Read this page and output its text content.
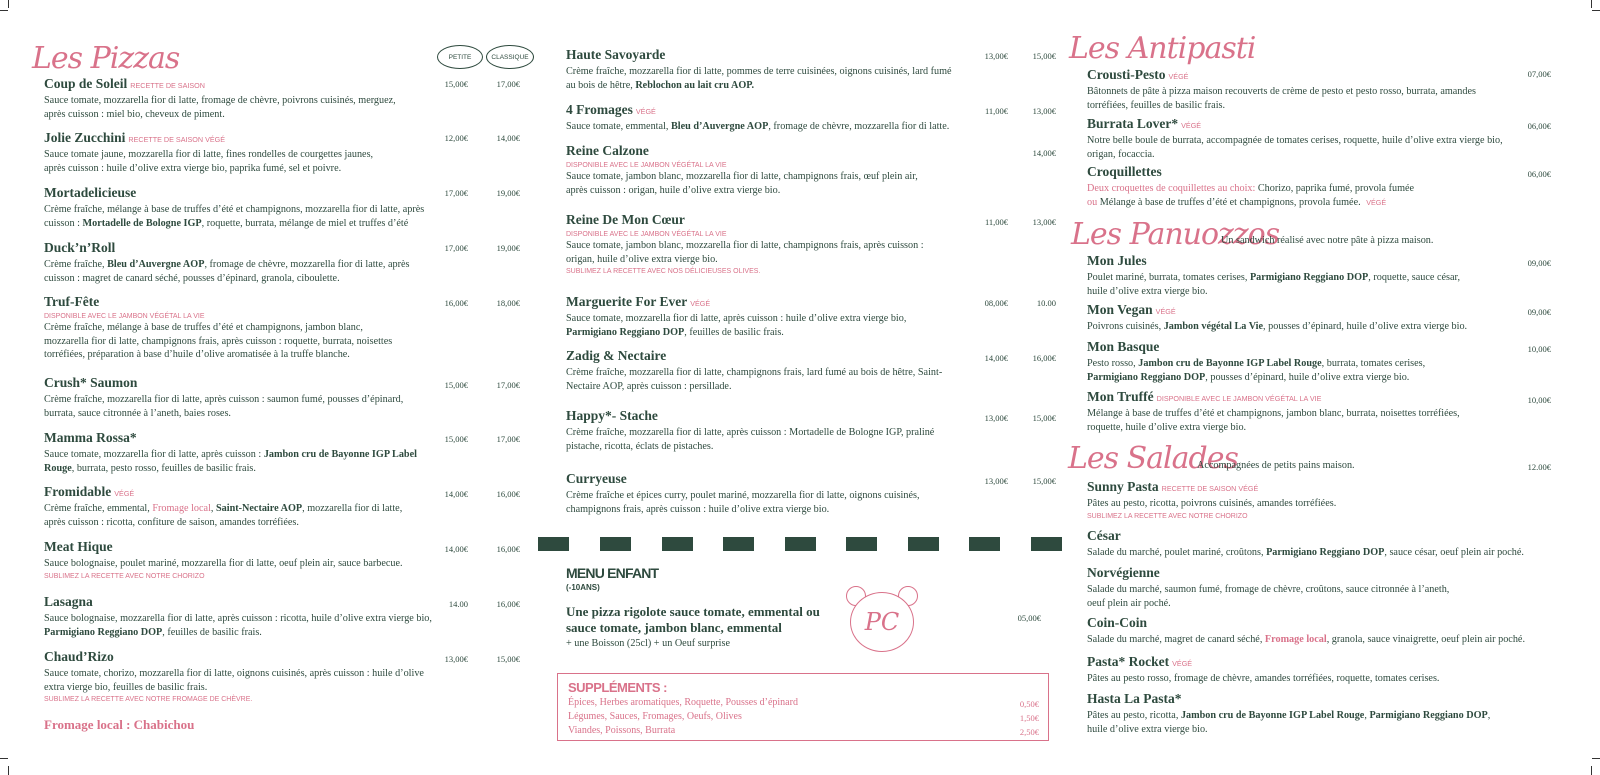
Les Pizzas	PETITE	CLASSIQUE
Coup de Soleil RECETTE DE SAISON
Sauce tomate, mozzarella fior di latte, fromage de chèvre, poivrons cuisinés, merguez,
après cuisson : miel bio, cheveux de piment.
15,00€	17,00€
Jolie Zucchini RECETTE DE SAISON VÉGÉ
Sauce tomate jaune, mozzarella fior di latte, fines rondelles de courgettes jaunes,
après cuisson : huile d’olive extra vierge bio, paprika fumé, sel et poivre.
12,00€	14,00€
Mortadelicieuse
Crème fraîche, mélange à base de truffes d’été et champignons, mozzarella fior di latte, après
cuisson : Mortadelle de Bologne IGP, roquette, burrata, mélange de miel et truffes d’été
17,00€	19,00€
Duck’n’Roll
Crème fraîche, Bleu d’Auvergne AOP, fromage de chèvre, mozzarella fior di latte, après
cuisson : magret de canard séché, pousses d’épinard, granola, ciboulette.
17,00€	19,00€
Truf-Fête
DISPONIBLE AVEC LE JAMBON VÉGÉTAL LA VIE
Crème fraîche, mélange à base de truffes d’été et champignons, jambon blanc,
mozzarella fior di latte, champignons frais, après cuisson : roquette, burrata, noisettes
torréfiées, préparation à base d’huile d’olive aromatisée à la truffe blanche.
16,00€	18,00€
Crush* Saumon
Crème fraîche, mozzarella fior di latte, après cuisson : saumon fumé, pousses d’épinard,
burrata, sauce citronnée à l’aneth, baies roses.
15,00€	17,00€
Mamma Rossa*
Sauce tomate, mozzarella fior di latte, après cuisson : Jambon cru de Bayonne IGP Label
Rouge, burrata, pesto rosso, feuilles de basilic frais.
15,00€	17,00€
Fromidable VÉGÉ
Crème fraîche, emmental, Fromage local, Saint-Nectaire AOP, mozzarella fior di latte,
après cuisson : ricotta, confiture de saison, amandes torréfiées.
14,00€	16,00€
Meat Hique
Sauce bolognaise, poulet mariné, mozzarella fior di latte, oeuf plein air, sauce barbecue.
SUBLIMEZ LA RECETTE AVEC NOTRE CHORIZO
14,00€	16,00€
Lasagna
Sauce bolognaise, mozzarella fior di latte, après cuisson : ricotta, huile d’olive extra vierge bio,
Parmigiano Reggiano DOP, feuilles de basilic frais.
14.00	16,00€
Chaud’Rizo
Sauce tomate, chorizo, mozzarella fior di latte, oignons cuisinés, après cuisson : huile d’olive
extra vierge bio, feuilles de basilic frais.
SUBLIMEZ LA RECETTE AVEC NOTRE FROMAGE DE CHÈVRE.
13,00€	15,00€
Fromage local : Chabichou
Haute Savoyarde
Crème fraîche, mozzarella fior di latte, pommes de terre cuisinées, oignons cuisinés, lard fumé
au bois de hêtre, Reblochon au lait cru AOP.
13,00€	15,00€
4 Fromages VÉGÉ
Sauce tomate, emmental, Bleu d’Auvergne AOP, fromage de chèvre, mozzarella fior di latte.
11,00€	13,00€
Reine Calzone
DISPONIBLE AVEC LE JAMBON VÉGÉTAL LA VIE
Sauce tomate, jambon blanc, mozzarella fior di latte, champignons frais, œuf plein air,
après cuisson : origan, huile d’olive extra vierge bio.
14,00€
Reine De Mon Cœur
DISPONIBLE AVEC LE JAMBON VÉGÉTAL LA VIE
Sauce tomate, jambon blanc, mozzarella fior di latte, champignons frais, après cuisson :
origan, huile d’olive extra vierge bio.
SUBLIMEZ LA RECETTE AVEC NOS DÉLICIEUSES OLIVES.
11,00€	13,00€
Marguerite For Ever VÉGÉ
Sauce tomate, mozzarella fior di latte, après cuisson : huile d’olive extra vierge bio,
Parmigiano Reggiano DOP, feuilles de basilic frais.
08,00€	10.00
Zadig & Nectaire
Crème fraîche, mozzarella fior di latte, champignons frais, lard fumé au bois de hêtre, Saint-
Nectaire AOP, après cuisson : persillade.
14,00€	16,00€
Happy*- Stache
Crème fraîche, mozzarella fior di latte, après cuisson : Mortadelle de Bologne IGP, praliné
pistache, ricotta, éclats de pistaches.
13,00€	15,00€
Curryeuse
Crème fraîche et épices curry, poulet mariné, mozzarella fior di latte, oignons cuisinés,
champignons frais, après cuisson : huile d’olive extra vierge bio.
13,00€	15,00€
MENU ENFANT
(-10ANS)
Une pizza rigolote sauce tomate, emmental ou
sauce tomate, jambon blanc, emmental
+ une Boisson (25cl) + un Oeuf surprise
05,00€
PC
SUPPLÉMENTS :
Épices, Herbes aromatiques, Roquette, Pousses d’épinard	0,50€
Légumes, Sauces, Fromages, Oeufs, Olives	1,50€
Viandes, Poissons, Burrata	2,50€
Les Antipasti
Crousti-Pesto VÉGÉ
Bâtonnets de pâte à pizza maison recouverts de crème de pesto et pesto rosso, burrata, amandes
torréfiées, feuilles de basilic frais.
07,00€
Burrata Lover* VÉGÉ
Notre belle boule de burrata, accompagnée de tomates cerises, roquette, huile d’olive extra vierge bio,
origan, focaccia.
06,00€
Croquillettes
Deux croquettes de coquillettes au choix: Chorizo, paprika fumé, provola fumée
ou Mélange à base de truffes d’été et champignons, provola fumée. VÉGÉ
06,00€
Les Panuozzos
Un sandwich réalisé avec notre pâte à pizza maison.
Mon Jules
Poulet mariné, burrata, tomates cerises, Parmigiano Reggiano DOP, roquette, sauce césar,
huile d’olive extra vierge bio.
09,00€
Mon Vegan VÉGÉ
Poivrons cuisinés, Jambon végétal La Vie, pousses d’épinard, huile d’olive extra vierge bio.
09,00€
Mon Basque
Pesto rosso, Jambon cru de Bayonne IGP Label Rouge, burrata, tomates cerises,
Parmigiano Reggiano DOP, pousses d’épinard, huile d’olive extra vierge bio.
10,00€
Mon Truffé DISPONIBLE AVEC LE JAMBON VÉGÉTAL LA VIE
Mélange à base de truffes d’été et champignons, jambon blanc, burrata, noisettes torréfiées,
roquette, huile d’olive extra vierge bio.
10,00€
Les Salades
Accompagnées de petits pains maison.	12.00€
Sunny Pasta RECETTE DE SAISON VÉGÉ
Pâtes au pesto, ricotta, poivrons cuisinés, amandes torréfiées.
SUBLIMEZ LA RECETTE AVEC NOTRE CHORIZO
César
Salade du marché, poulet mariné, croûtons, Parmigiano Reggiano DOP, sauce césar, oeuf plein air poché.
Norvégienne
Salade du marché, saumon fumé, fromage de chèvre, croûtons, sauce citronnée à l’aneth,
oeuf plein air poché.
Coin-Coin
Salade du marché, magret de canard séché, Fromage local, granola, sauce vinaigrette, oeuf plein air poché.
Pasta* Rocket VÉGÉ
Pâtes au pesto rosso, fromage de chèvre, amandes torréfiées, roquette, tomates cerises.
Hasta La Pasta*
Pâtes au pesto, ricotta, Jambon cru de Bayonne IGP Label Rouge, Parmigiano Reggiano DOP,
huile d’olive extra vierge bio.
